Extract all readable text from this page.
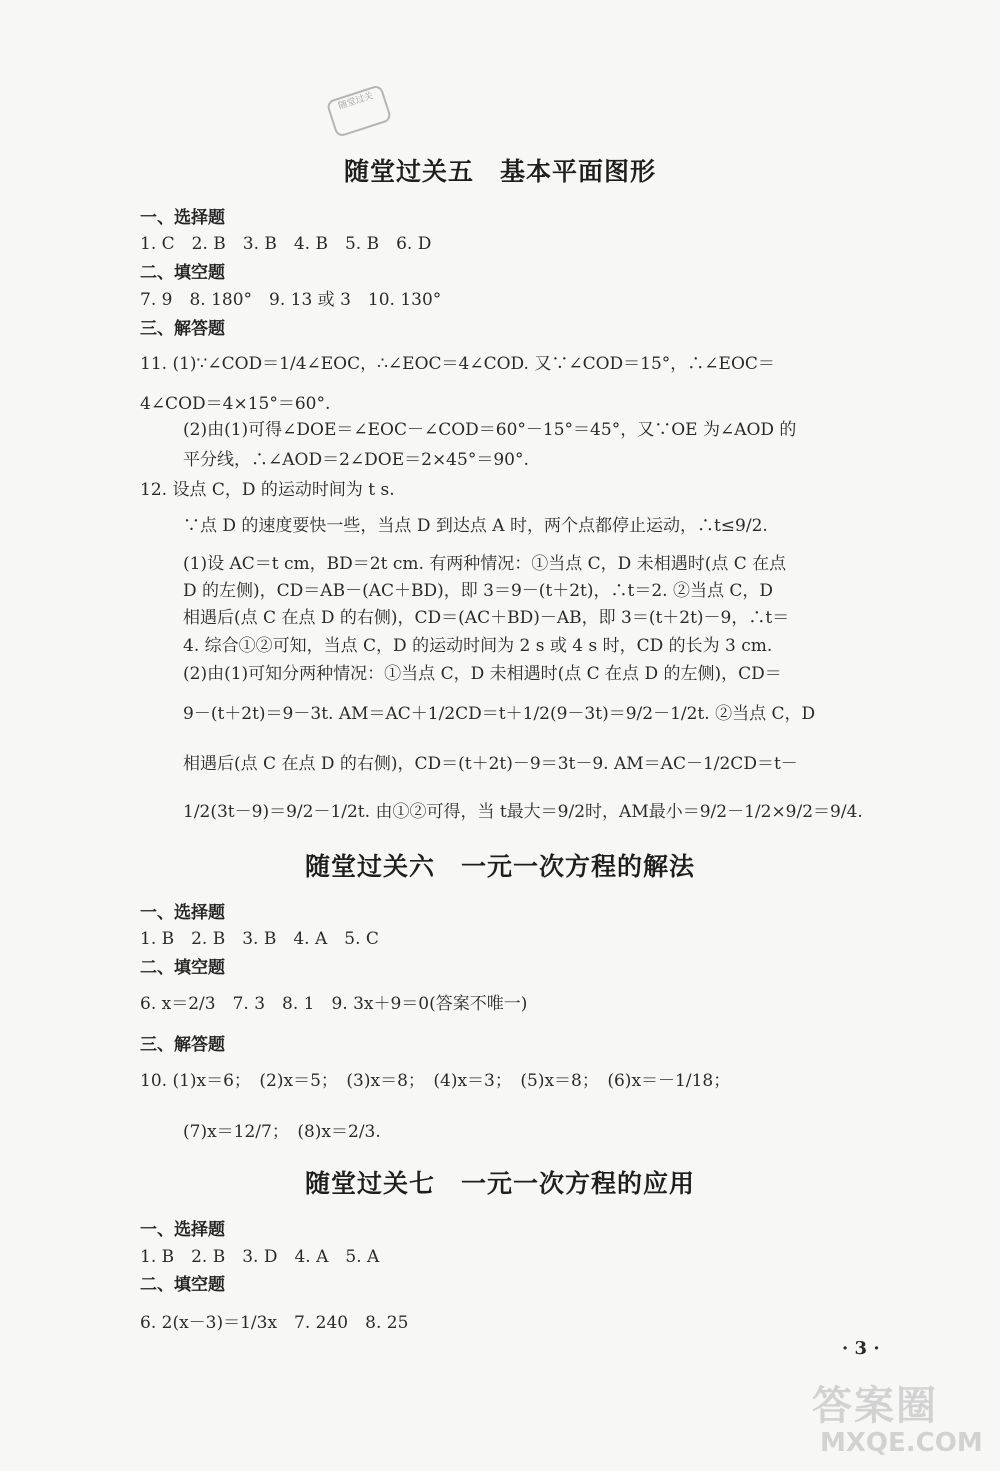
随堂过关
随堂过关五　基本平面图形
一、选择题
1. C　2. B　3. B　4. B　5. B　6. D
二、填空题
7. 9　8. 180°　9. 13 或 3　10. 130°
三、解答题
11. (1)∵∠COD＝1/4∠EOC，∴∠EOC＝4∠COD. 又∵∠COD＝15°，∴∠EOC＝
4∠COD＝4×15°＝60°.
(2)由(1)可得∠DOE＝∠EOC－∠COD＝60°－15°＝45°，又∵OE 为∠AOD 的
平分线，∴∠AOD＝2∠DOE＝2×45°＝90°.
12. 设点 C，D 的运动时间为 t s.
∵点 D 的速度要快一些，当点 D 到达点 A 时，两个点都停止运动，∴t≤9/2.
(1)设 AC＝t cm，BD＝2t cm. 有两种情况：①当点 C，D 未相遇时(点 C 在点
D 的左侧)，CD＝AB－(AC＋BD)，即 3＝9－(t＋2t)，∴t＝2. ②当点 C，D
相遇后(点 C 在点 D 的右侧)，CD＝(AC＋BD)－AB，即 3＝(t＋2t)－9，∴t＝
4. 综合①②可知，当点 C，D 的运动时间为 2 s 或 4 s 时，CD 的长为 3 cm.
(2)由(1)可知分两种情况：①当点 C，D 未相遇时(点 C 在点 D 的左侧)，CD＝
9－(t＋2t)＝9－3t. AM＝AC＋1/2CD＝t＋1/2(9－3t)＝9/2－1/2t. ②当点 C，D
相遇后(点 C 在点 D 的右侧)，CD＝(t＋2t)－9＝3t－9. AM＝AC－1/2CD＝t－
1/2(3t－9)＝9/2－1/2t. 由①②可得，当 t最大＝9/2时，AM最小＝9/2－1/2×9/2＝9/4.
随堂过关六　一元一次方程的解法
一、选择题
1. B　2. B　3. B　4. A　5. C
二、填空题
6. x＝2/3　7. 3　8. 1　9. 3x＋9＝0(答案不唯一)
三、解答题
10. (1)x＝6；　(2)x＝5；　(3)x＝8；　(4)x＝3；　(5)x＝8；　(6)x＝－1/18；
(7)x＝12/7；　(8)x＝2/3.
随堂过关七　一元一次方程的应用
一、选择题
1. B　2. B　3. D　4. A　5. A
二、填空题
6. 2(x－3)＝1/3x　7. 240　8. 25
· 3 ·
答案圈
MXQE.COM
